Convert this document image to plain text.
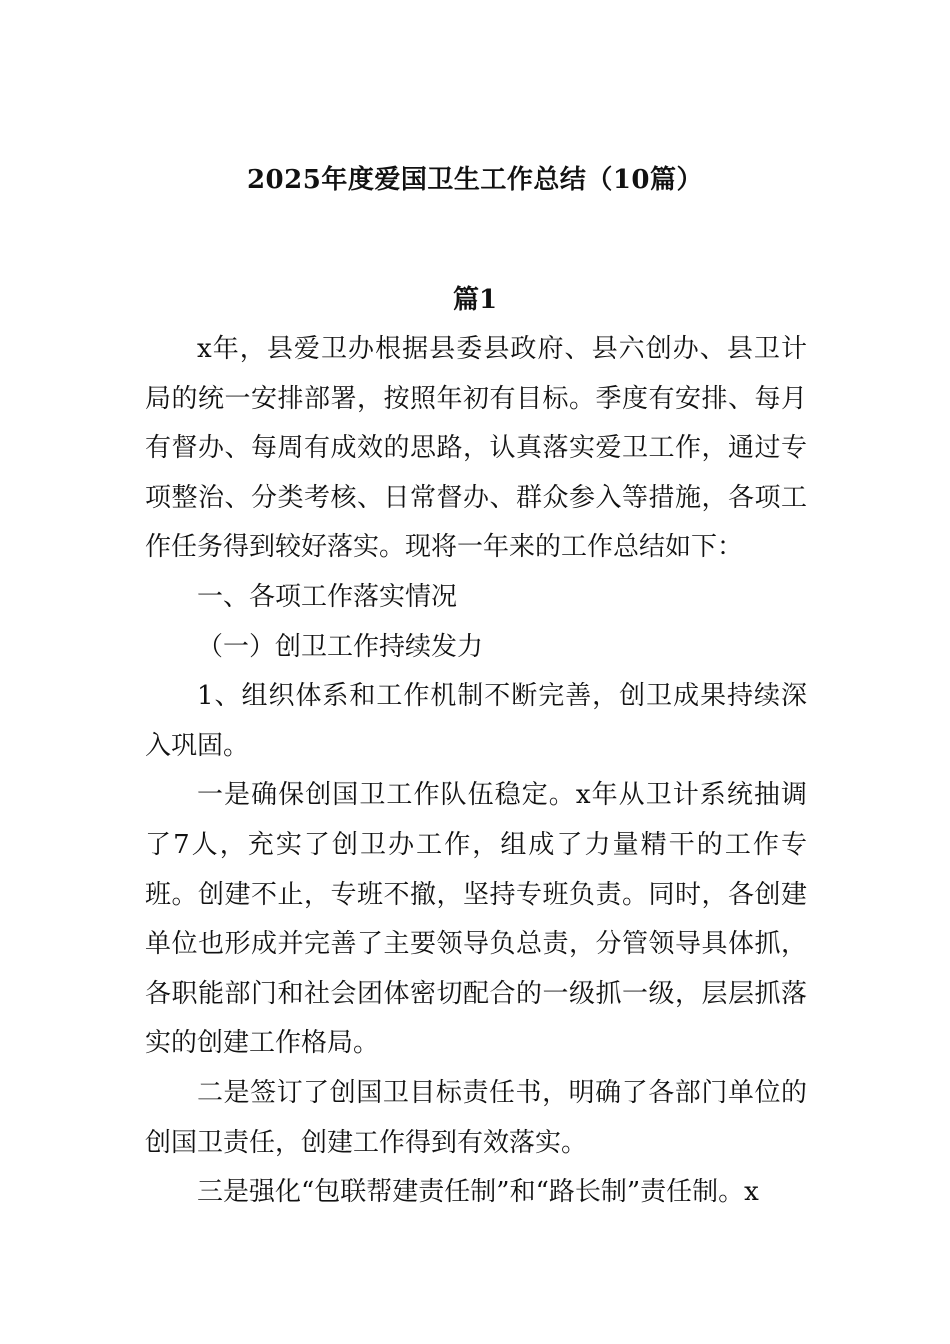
2025年度爱国卫生工作总结（10篇）
篇1

x年，县爱卫办根据县委县政府、县六创办、县卫计局的统一安排部署，按照年初有目标。季度有安排、每月有督办、每周有成效的思路，认真落实爱卫工作，通过专项整治、分类考核、日常督办、群众参入等措施，各项工作任务得到较好落实。现将一年来的工作总结如下：

一、各项工作落实情况

（一）创卫工作持续发力

1、组织体系和工作机制不断完善，创卫成果持续深入巩固。

一是确保创国卫工作队伍稳定。x年从卫计系统抽调了7人，充实了创卫办工作，组成了力量精干的工作专班。创建不止，专班不撤，坚持专班负责。同时，各创建单位也形成并完善了主要领导负总责，分管领导具体抓，各职能部门和社会团体密切配合的一级抓一级，层层抓落实的创建工作格局。

二是签订了创国卫目标责任书，明确了各部门单位的创国卫责任，创建工作得到有效落实。

三是强化“包联帮建责任制”和“路长制”责任制。x
